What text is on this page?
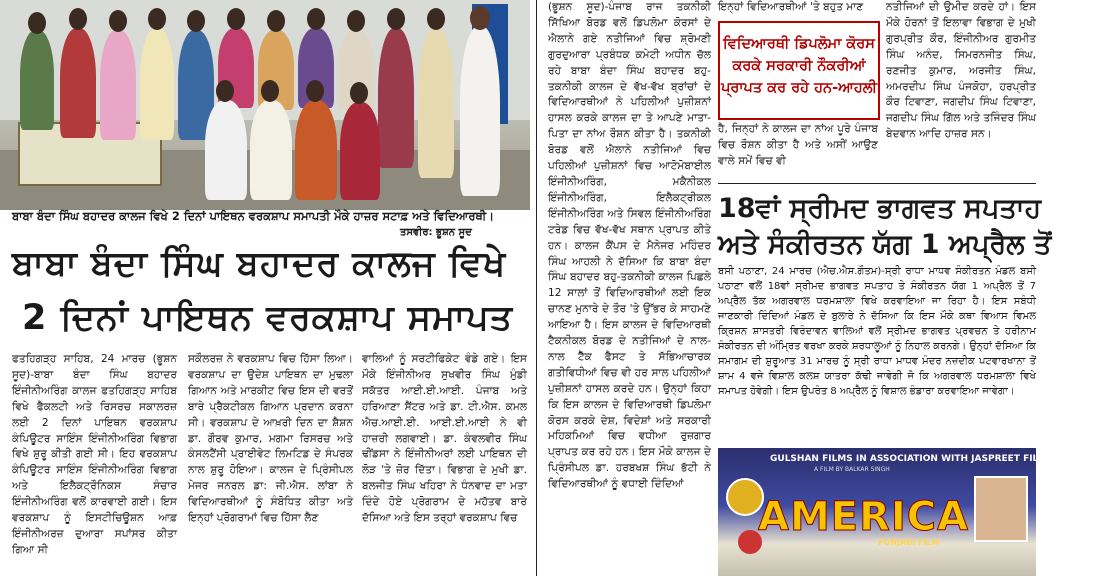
ਬਾਬਾ ਬੰਦਾ ਸਿੰਘ ਬਹਾਦਰ ਕਾਲਜ ਵਿਖੇ 2 ਦਿਨਾਂ ਪਾਇਥਨ ਵਰਕਸ਼ਾਪ ਸਮਾਪਤੀ ਮੌਕੇ ਹਾਜ਼ਰ ਸਟਾਫ਼ ਅਤੇ ਵਿਦਿਆਰਥੀ।
ਤਸਵੀਰ: ਭੂਸ਼ਨ ਸੂਦ
ਬਾਬਾ ਬੰਦਾ ਸਿੰਘ ਬਹਾਦਰ ਕਾਲਜ ਵਿਖੇ
2 ਦਿਨਾਂ ਪਾਇਥਨ ਵਰਕਸ਼ਾਪ ਸਮਾਪਤ
ਫਤਹਿਗੜ੍ਹ ਸਾਹਿਬ, 24 ਮਾਰਚ (ਭੂਸ਼ਨ ਸੂਦ)-ਬਾਬਾ ਬੰਦਾ ਸਿੰਘ ਬਹਾਦਰ ਇੰਜੀਨੀਅਰਿੰਗ ਕਾਲਜ ਫਤਹਿਗੜ੍ਹ ਸਾਹਿਬ ਵਿਖੇ ਫੈਕਲਟੀ ਅਤੇ ਰਿਸਰਚ ਸਕਾਲਰਜ਼ ਲਈ 2 ਦਿਨਾਂ ਪਾਇਥਨ ਵਰਕਸ਼ਾਪ ਕੰਪਿਊਟਰ ਸਾਇੰਸ ਇੰਜੀਨੀਅਰਿੰਗ ਵਿਭਾਗ ਵਿਖੇ ਸ਼ੁਰੂ ਕੀਤੀ ਗਈ ਸੀ। ਇਹ ਵਰਕਸ਼ਾਪ ਕੰਪਿਊਟਰ ਸਾਇੰਸ ਇੰਜੀਨੀਅਰਿੰਗ ਵਿਭਾਗ ਅਤੇ ਇਲੈਕਟ੍ਰੌਨਿਕਸ ਸੰਚਾਰ ਇੰਜੀਨੀਅਰਿੰਗ ਵਲੋਂ ਕਾਰਵਾਈ ਗਈ। ਇਸ ਵਰਕਸ਼ਾਪ ਨੂੰ ਇਸਟੀਚਿਊਸ਼ਨ ਆਫ਼ ਇੰਜੀਨੀਅਰਜ਼ ਦੁਆਰਾ ਸਪਾਂਸਰ ਕੀਤਾ ਗਿਆ ਸੀ
ਸਕੌਲਰਜ਼ ਨੇ ਵਰਕਸ਼ਾਪ ਵਿਚ ਹਿੱਸਾ ਲਿਆ। ਵਰਕਸ਼ਾਪ ਦਾ ਉਦੇਸ਼ ਪਾਇਥਨ ਦਾ ਮੁਢਲਾ ਗਿਆਨ ਅਤੇ ਮਾਰਕੀਟ ਵਿਚ ਇਸ ਦੀ ਵਰਤੋਂ ਬਾਰੇ ਪ੍ਰੈਕਟੀਕਲ ਗਿਆਨ ਪ੍ਰਦਾਨ ਕਰਨਾ ਸੀ। ਵਰਕਸ਼ਾਪ ਦੇ ਆਖ਼ਰੀ ਦਿਨ ਦਾ ਸ਼ੈਸ਼ਨ ਡਾ. ਗੌਰਵ ਕੁਮਾਰ, ਮਗਮਾ ਰਿਸਰਚ ਅਤੇ ਕੰਸਲਟੈਂਸੀ ਪ੍ਰਾਈਵੇਟ ਲਿਮਟਿਡ ਦੇ ਸੰਪਰਕ ਨਾਲ ਸ਼ੁਰੂ ਹੋਇਆ। ਕਾਲਜ ਦੇ ਪ੍ਰਿੰਸੀਪਲ ਮੇਜਰ ਜਨਰਲ ਡਾ: ਜੀ.ਐਸ. ਲਾਂਬਾ ਨੇ ਵਿਦਿਆਰਥੀਆਂ ਨੂੰ ਸੰਬੋਧਿਤ ਕੀਤਾ ਅਤੇ ਇਨ੍ਹਾਂ ਪ੍ਰੋਗਰਾਮਾਂ ਵਿਚ ਹਿੱਸਾ ਲੈਣ
ਵਾਲਿਆਂ ਨੂੰ ਸਰਟੀਫਿਕੇਟ ਵੰਡੇ ਗਏ। ਇਸ ਮੌਕੇ ਇੰਜੀਨੀਅਰ ਸੁਖਵੀਰ ਸਿੰਘ ਮੁੰਡੀ ਸਕੱਤਰ ਆਈ.ਈ.ਆਈ. ਪੰਜਾਬ ਅਤੇ ਹਰਿਆਣਾ ਸੈਂਟਰ ਅਤੇ ਡਾ. ਟੀ.ਐਸ. ਕਮਲ ਐਚ.ਆਈ.ਈ. ਆਈ.ਈ.ਆਈ ਨੇ ਵੀ ਹਾਜ਼ਰੀ ਲਗਵਾਈ। ਡਾ. ਕੰਵਲਵੀਰ ਸਿੰਘ ਢੀਂਡਸਾ ਨੇ ਇੰਜੀਨੀਅਰਾਂ ਲਈ ਪਾਇਥਨ ਦੀ ਲੋੜ 'ਤੇ ਜ਼ੋਰ ਦਿੱਤਾ। ਵਿਭਾਗ ਦੇ ਮੁਖੀ ਡਾ. ਬਲਜੀਤ ਸਿੰਘ ਖਹਿਰਾ ਨੇ ਧੰਨਵਾਦ ਦਾ ਮਤਾ ਦਿੰਦੇ ਹੋਏ ਪ੍ਰੋਗਰਾਮ ਦੇ ਮਹੱਤਵ ਬਾਰੇ ਦੱਸਿਆ ਅਤੇ ਇਸ ਤਰ੍ਹਾਂ ਵਰਕਸ਼ਾਪ ਵਿਚ
(ਭੂਸ਼ਨ ਸੂਦ)-ਪੰਜਾਬ ਰਾਜ ਤਕਨੀਕੀ ਸਿੱਖਿਆ ਬੋਰਡ ਵਲੋਂ ਡਿਪਲੋਮਾ ਕੋਰਸਾਂ ਦੇ ਐਲਾਨੇ ਗਏ ਨਤੀਜਿਆਂ ਵਿਚ ਸ਼੍ਰੋਮਣੀ ਗੁਰਦੁਆਰਾ ਪ੍ਰਬੰਧਕ ਕਮੇਟੀ ਅਧੀਨ ਚੱਲ ਰਹੇ ਬਾਬਾ ਬੰਦਾ ਸਿੰਘ ਬਹਾਦਰ ਬਹੁ-ਤਕਨੀਕੀ ਕਾਲਜ ਦੇ ਵੱਖ-ਵੱਖ ਬ੍ਰਾਂਚਾਂ ਦੇ ਵਿਦਿਆਰਥੀਆਂ ਨੇ ਪਹਿਲੀਆਂ ਪੁਜ਼ੀਸ਼ਨਾਂ ਹਾਸਲ ਕਰਕੇ ਕਾਲਜ ਦਾ ਤੇ ਆਪਣੇ ਮਾਤਾ-ਪਿਤਾ ਦਾ ਨਾਂਅ ਰੌਸ਼ਨ ਕੀਤਾ ਹੈ। ਤਕਨੀਕੀ ਬੋਰਡ ਵਲੋਂ ਐਲਾਨੇ ਨਤੀਜਿਆਂ ਵਿਚ ਪਹਿਲੀਆਂ ਪੁਜ਼ੀਸ਼ਨਾਂ ਵਿਚ ਆਟੋਮੋਬਾਈਲ ਇੰਜੀਨੀਅਰਿੰਗ, ਮਕੈਨੀਕਲ ਇੰਜੀਨੀਅਰਿੰਗ, ਇਲੈਕਟ੍ਰੀਕਲ ਇੰਜੀਨੀਅਰਿੰਗ ਅਤੇ ਸਿਵਲ ਇੰਜੀਨੀਅਰਿੰਗ ਟਰੇਡ ਵਿਚ ਵੱਖ-ਵੱਖ ਸਥਾਨ ਪ੍ਰਾਪਤ ਕੀਤੇ ਹਨ। ਕਾਲਜ ਕੈਂਪਸ ਦੇ ਮੈਨੇਜਰ ਮਹਿੰਦਰ ਸਿੰਘ ਆਹਲੀ ਨੇ ਦੱਸਿਆ ਕਿ ਬਾਬਾ ਬੰਦਾ ਸਿੰਘ ਬਹਾਦਰ ਬਹੁ-ਤਕਨੀਕੀ ਕਾਲਜ ਪਿਛਲੇ 12 ਸਾਲਾਂ ਤੋਂ ਵਿਦਿਆਰਥੀਆਂ ਲਈ ਇਕ ਚਾਨਣ ਮੁਨਾਰੇ ਦੇ ਤੌਰ 'ਤੇ ਉੱਭਰ ਕੇ ਸਾਹਮਣੇ ਆਇਆ ਹੈ। ਇਸ ਕਾਲਜ ਦੇ ਵਿਦਿਆਰਥੀ ਟੈਕਨੀਕਲ ਬੋਰਡ ਦੇ ਨਤੀਜਿਆਂ ਦੇ ਨਾਲ-ਨਾਲ ਟੈੱਕ ਫੈਸਟ ਤੇ ਸੱਭਿਆਚਾਰਕ ਗਤੀਵਿਧੀਆਂ ਵਿਚ ਵੀ ਹਰ ਸਾਲ ਪਹਿਲੀਆਂ ਪੁਜ਼ੀਸ਼ਨਾਂ ਹਾਸਲ ਕਰਦੇ ਹਨ। ਉਨ੍ਹਾਂ ਕਿਹਾ ਕਿ ਇਸ ਕਾਲਜ ਦੇ ਵਿਦਿਆਰਥੀ ਡਿਪਲੋਮਾ ਕੋਰਸ ਕਰਕੇ ਦੇਸ਼, ਵਿਦੇਸ਼ਾਂ ਅਤੇ ਸਰਕਾਰੀ ਮਹਿਕਮਿਆਂ ਵਿਚ ਵਧੀਆ ਰੁਜ਼ਗਾਰ ਪ੍ਰਾਪਤ ਕਰ ਰਹੇ ਹਨ। ਇਸ ਮੌਕੇ ਕਾਲਜ ਦੇ ਪ੍ਰਿੰਸੀਪਲ ਡਾ. ਹਰਬਖਸ਼ ਸਿੰਘ ਭੱਟੀ ਨੇ ਵਿਦਿਆਰਥੀਆਂ ਨੂੰ ਵਧਾਈ ਦਿੰਦਿਆਂ
ਇਨ੍ਹਾਂ ਵਿਦਿਆਰਥੀਆਂ 'ਤੇ ਬਹੁਤ ਮਾਣ
ਵਿਦਿਆਰਥੀ ਡਿਪਲੋਮਾ ਕੋਰਸ
ਕਰਕੇ ਸਰਕਾਰੀ ਨੌਕਰੀਆਂ
ਪ੍ਰਾਪਤ ਕਰ ਰਹੇ ਹਨ-ਆਹਲੀ
ਹੈ, ਜਿਨ੍ਹਾਂ ਨੇ ਕਾਲਜ ਦਾ ਨਾਂਅ ਪੂਰੇ ਪੰਜਾਬ ਵਿਚ ਰੌਸ਼ਨ ਕੀਤਾ ਹੈ ਅਤੇ ਅਸੀਂ ਆਉਣ ਵਾਲੇ ਸਮੇਂ ਵਿਚ ਵੀ
ਨਤੀਜਿਆਂ ਦੀ ਉਮੀਦ ਕਰਦੇ ਹਾਂ। ਇਸ ਮੌਕੇ ਹੋਰਨਾਂ ਤੋਂ ਇਲਾਵਾ ਵਿਭਾਗ ਦੇ ਮੁਖੀ ਗੁਰਪ੍ਰੀਤ ਕੌਰ, ਇੰਜੀਨੀਅਰ ਗੁਰਮੀਤ ਸਿੰਘ ਅਨੰਦ, ਸਿਮਰਨਜੀਤ ਸਿੰਘ, ਰਣਜੀਤ ਕੁਮਾਰ, ਅਰਜੀਤ ਸਿੰਘ, ਅਮਰਦੀਪ ਸਿੰਘ ਪੰਜਕੋਹਾ, ਹਰਪ੍ਰੀਤ ਕੌਰ ਟਿਵਾਣਾ, ਜਗਦੀਪ ਸਿੰਘ ਟਿਵਾਣਾ, ਜਗਦੀਪ ਸਿੰਘ ਗਿੱਲ ਅਤੇ ਤਜਿੰਦਰ ਸਿੰਘ ਬੇਦਵਾਨ ਆਦਿ ਹਾਜ਼ਰ ਸਨ।
18ਵਾਂ ਸ੍ਰੀਮਦ ਭਾਗਵਤ ਸਪਤਾਹ
ਅਤੇ ਸੰਕੀਰਤਨ ਯੱਗ 1 ਅਪ੍ਰੈਲ ਤੋਂ
ਬਸੀ ਪਠਾਣਾ, 24 ਮਾਰਚ (ਐਚ.ਐਸ.ਗੌਤਮ)-ਸ੍ਰੀ ਰਾਧਾ ਮਾਧਵ ਸੰਕੀਰਤਨ ਮੰਡਲ ਬਸੀ ਪਠਾਣਾ ਵਲੋਂ 18ਵਾਂ ਸ੍ਰੀਮਦ ਭਾਗਵਤ ਸਪਤਾਹ ਤੇ ਸੰਕੀਰਤਨ ਯੱਗ 1 ਅਪ੍ਰੈਲ ਤੋਂ 7 ਅਪ੍ਰੈਲ ਤੱਕ ਅਗਰਵਾਲ ਧਰਮਸ਼ਾਲਾ ਵਿਖੇ ਕਰਵਾਇਆ ਜਾ ਰਿਹਾ ਹੈ। ਇਸ ਸਬੰਧੀ ਜਾਣਕਾਰੀ ਦਿੰਦਿਆਂ ਮੰਡਲ ਦੇ ਬੁਲਾਰੇ ਨੇ ਦੱਸਿਆ ਕਿ ਇਸ ਮੌਕੇ ਕਥਾ ਵਿਆਸ ਵਿਮਲ ਕ੍ਰਿਸ਼ਨ ਸ਼ਾਸਤਰੀ ਵਿਰੰਦਾਵਨ ਵਾਲਿਆਂ ਵਲੋਂ ਸ੍ਰੀਮਦ ਭਾਗਵਤ ਪ੍ਰਵਚਨ ਤੇ ਹਰੀਨਾਮ ਸੰਕੀਰਤਨ ਦੀ ਅੰਮ੍ਰਿਤ ਵਰਖਾ ਕਰਕੇ ਸ਼ਰਧਾਲੂਆਂ ਨੂੰ ਨਿਹਾਲ ਕਰਨਗੇ। ਉਨ੍ਹਾਂ ਦੱਸਿਆ ਕਿ ਸਮਾਗਮ ਦੀ ਸ਼ੁਰੂਆਤ 31 ਮਾਰਚ ਨੂੰ ਸ੍ਰੀ ਰਾਧਾ ਮਾਧਵ ਮੰਦਰ ਨਜ਼ਦੀਕ ਪਟਵਾਰਖਾਨਾ ਤੋਂ ਸ਼ਾਮ 4 ਵਜੇ ਵਿਸ਼ਾਲ ਕਲਸ਼ ਯਾਤਰਾ ਕੱਢੀ ਜਾਵੇਗੀ ਜੋ ਕਿ ਅਗਰਵਾਲ ਧਰਮਸ਼ਾਲਾ ਵਿਖੇ ਸਮਾਪਤ ਹੋਵੇਗੀ। ਇਸ ਉਪਰੰਤ 8 ਅਪ੍ਰੈਲ ਨੂੰ ਵਿਸ਼ਾਲ ਭੰਡਾਰਾ ਕਰਵਾਇਆ ਜਾਵੇਗਾ।
GULSHAN FILMS IN ASSOCIATION WITH JASPREET FILMS PRESENTS
A FILM BY BALKAR SINGH
AMERICA
PUNJABI FILM
